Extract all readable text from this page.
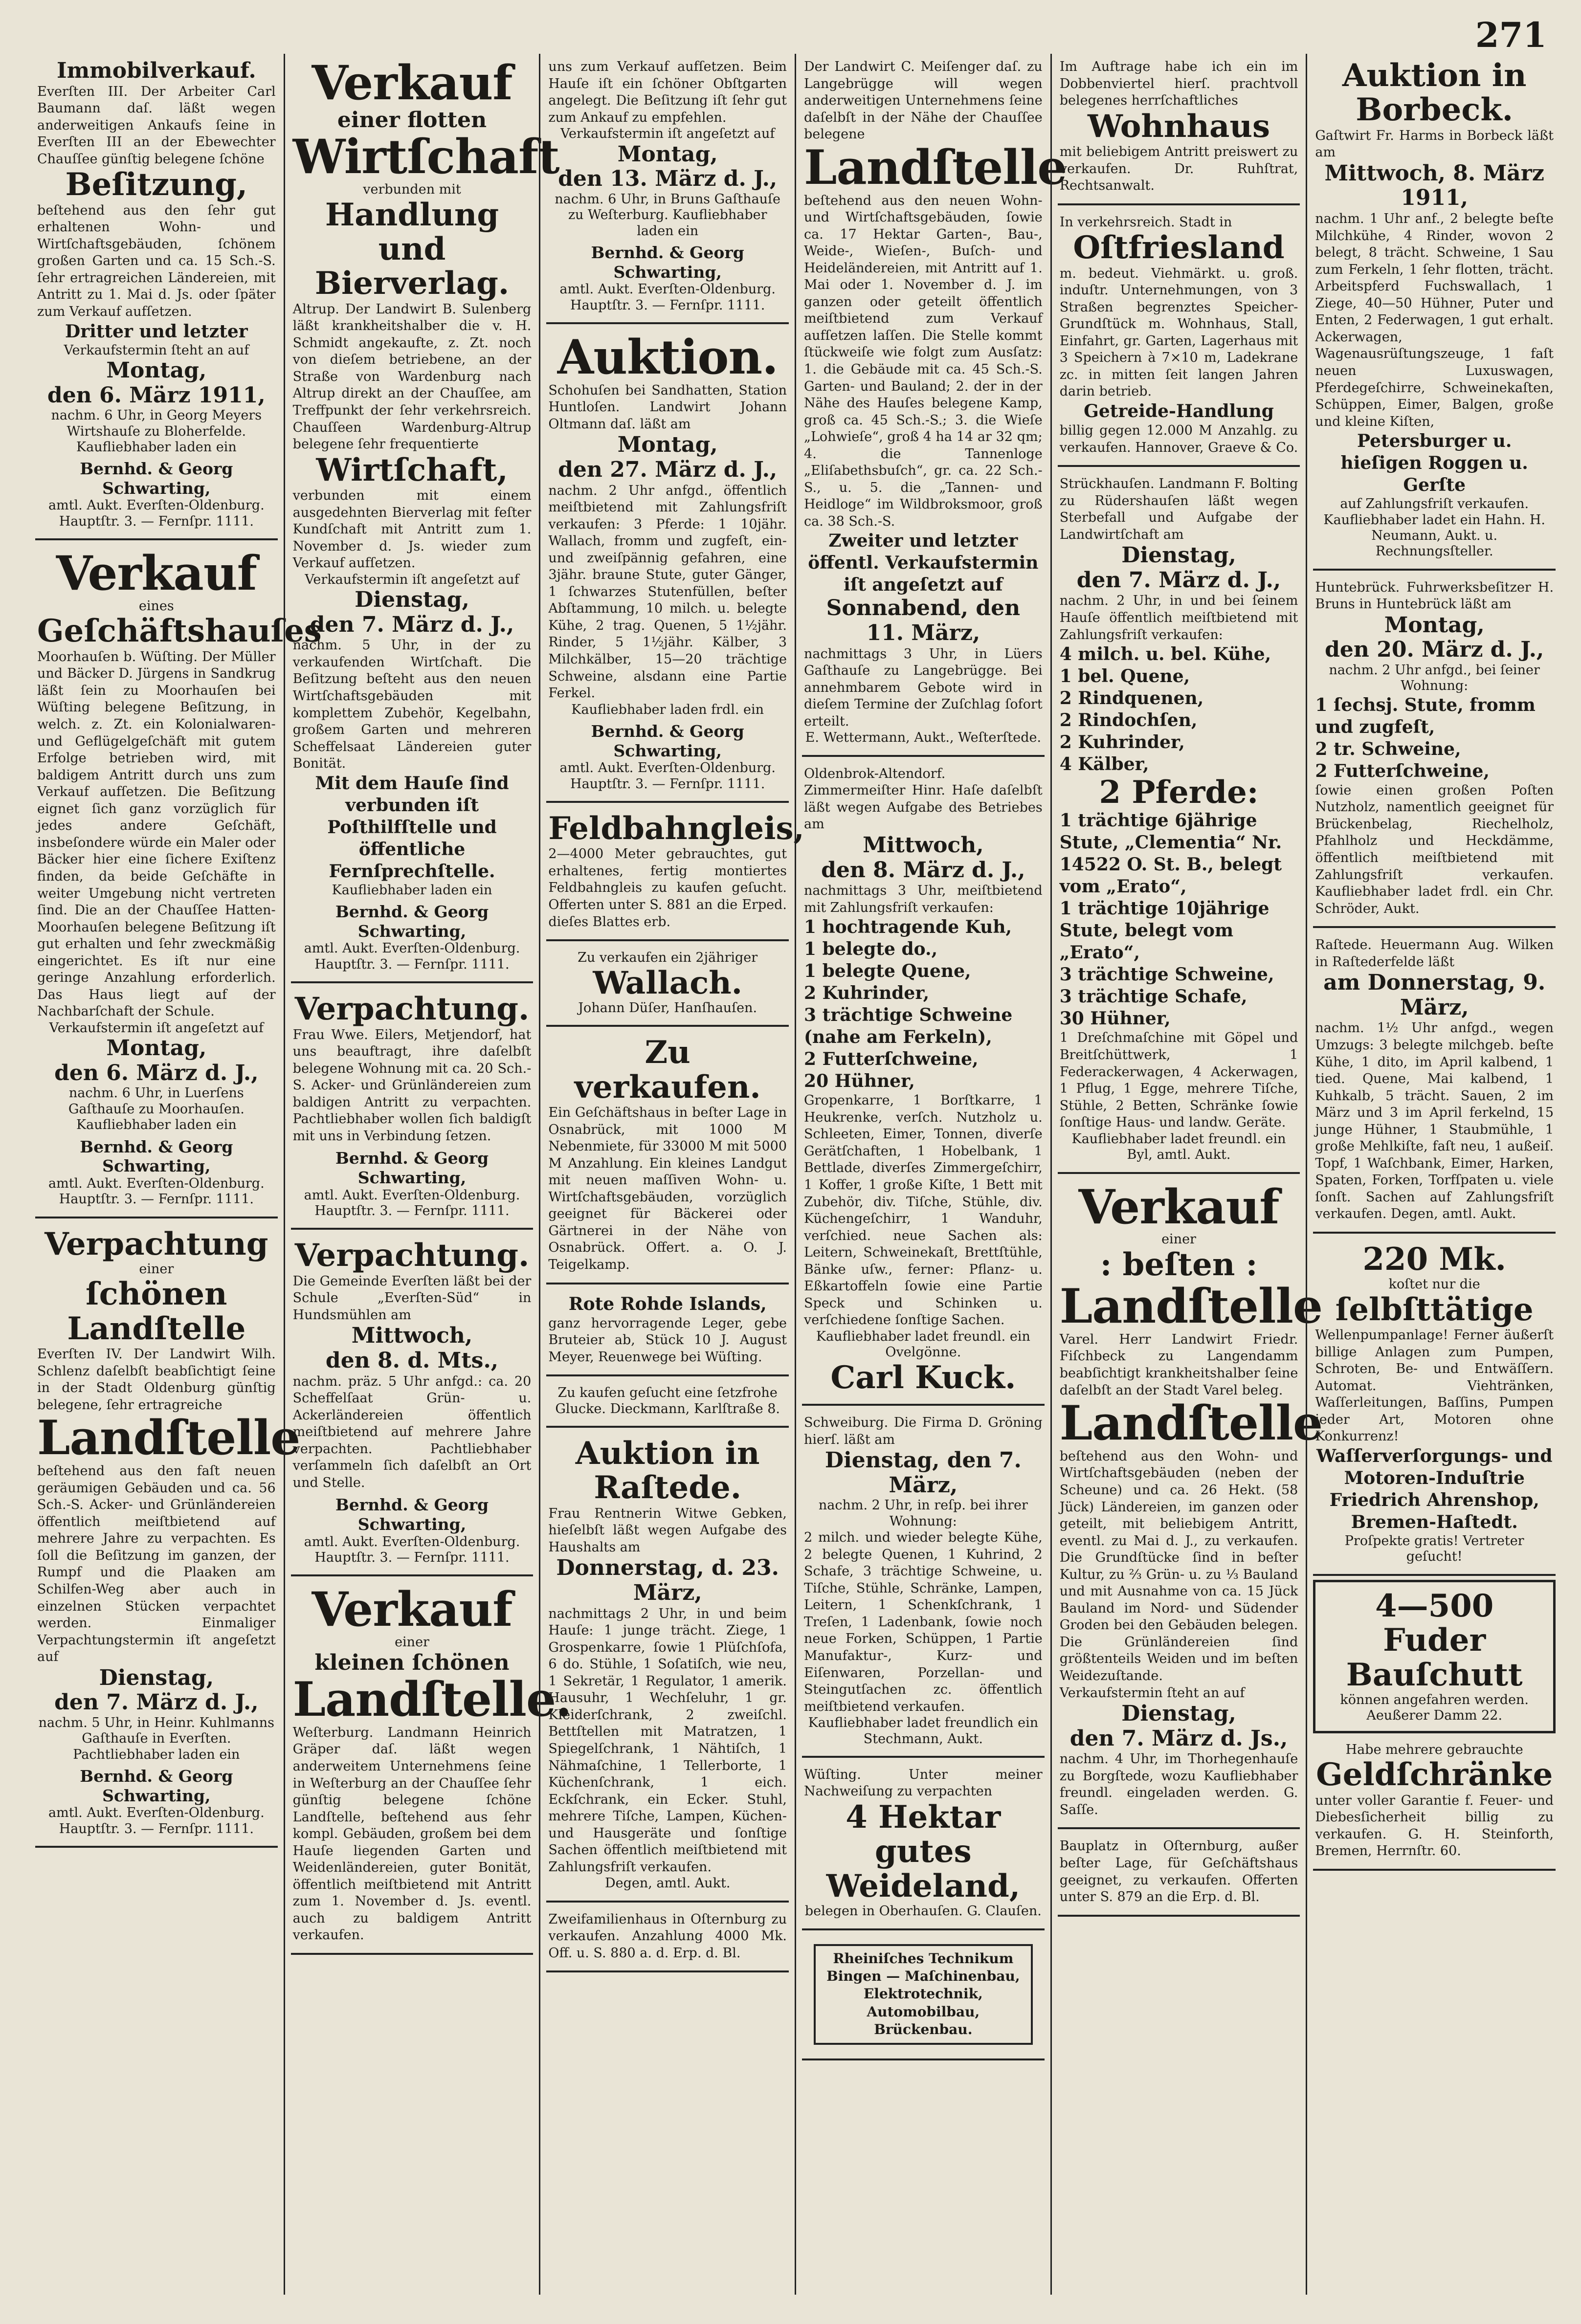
271
Immobilverkauf.
Everſten III. Der Arbeiter Carl Baumann daſ. läßt wegen anderweitigen Ankaufs ſeine in Everſten III an der Ebewechter Chauſſee günſtig belegene ſchöne
Beſitzung,
beſtehend aus den ſehr gut erhaltenen Wohn- und Wirtſchaftsgebäuden, ſchönem großen Garten und ca. 15 Sch.-S. ſehr ertragreichen Ländereien, mit Antritt zu 1. Mai d. Js. oder ſpäter zum Verkauf aufſetzen.
Dritter und letzter
Verkaufstermin ſteht an auf
Montag,
den 6. März 1911,
nachm. 6 Uhr, in Georg Meyers Wirtshauſe zu Bloherfelde. Kaufliebhaber laden ein
Bernhd. & Georg Schwarting,
amtl. Aukt. Everſten-Oldenburg. Hauptſtr. 3. — Fernſpr. 1111.
Verkauf
eines
Geſchäftshauſes
Moorhauſen b. Wüſting. Der Müller und Bäcker D. Jürgens in Sandkrug läßt ſein zu Moorhauſen bei Wüſting belegene Beſitzung, in welch. z. Zt. ein Kolonialwaren- und Geflügelgeſchäft mit gutem Erfolge betrieben wird, mit baldigem Antritt durch uns zum Verkauf aufſetzen. Die Beſitzung eignet ſich ganz vorzüglich für jedes andere Geſchäft, insbeſondere würde ein Maler oder Bäcker hier eine ſichere Exiſtenz finden, da beide Geſchäfte in weiter Umgebung nicht vertreten ſind. Die an der Chauſſee Hatten-Moorhauſen belegene Beſitzung iſt gut erhalten und ſehr zweckmäßig eingerichtet. Es iſt nur eine geringe Anzahlung erforderlich. Das Haus liegt auf der Nachbarſchaft der Schule.
Verkaufstermin iſt angeſetzt auf
Montag,
den 6. März d. J.,
nachm. 6 Uhr, in Luerſens Gaſthauſe zu Moorhauſen. Kaufliebhaber laden ein
Bernhd. & Georg Schwarting,
amtl. Aukt. Everſten-Oldenburg. Hauptſtr. 3. — Fernſpr. 1111.
Verpachtung
einer
ſchönen Landſtelle
Everſten IV. Der Landwirt Wilh. Schlenz daſelbſt beabſichtigt ſeine in der Stadt Oldenburg günſtig belegene, ſehr ertragreiche
Landſtelle
beſtehend aus den faſt neuen geräumigen Gebäuden und ca. 56 Sch.-S. Acker- und Grünländereien öffentlich meiſtbietend auf mehrere Jahre zu verpachten. Es ſoll die Beſitzung im ganzen, der Rumpf und die Plaaken am Schilfen-Weg aber auch in einzelnen Stücken verpachtet werden. Einmaliger Verpachtungstermin iſt angeſetzt auf
Dienstag,
den 7. März d. J.,
nachm. 5 Uhr, in Heinr. Kuhlmanns Gaſthauſe in Everſten. Pachtliebhaber laden ein
Bernhd. & Georg Schwarting,
amtl. Aukt. Everſten-Oldenburg. Hauptſtr. 3. — Fernſpr. 1111.
Verkauf
einer flotten
Wirtſchaft
verbunden mit
Handlung und Bierverlag.
Altrup. Der Landwirt B. Sulenberg läßt krankheitshalber die v. H. Schmidt angekaufte, z. Zt. noch von dieſem betriebene, an der Straße von Wardenburg nach Altrup direkt an der Chauſſee, am Treffpunkt der ſehr verkehrsreich. Chauſſeen Wardenburg-Altrup belegene ſehr frequentierte
Wirtſchaft,
verbunden mit einem ausgedehnten Bierverlag mit feſter Kundſchaft mit Antritt zum 1. November d. Js. wieder zum Verkauf aufſetzen.
Verkaufstermin iſt angeſetzt auf
Dienstag,
den 7. März d. J.,
nachm. 5 Uhr, in der zu verkaufenden Wirtſchaft. Die Beſitzung beſteht aus den neuen Wirtſchaftsgebäuden mit komplettem Zubehör, Kegelbahn, großem Garten und mehreren Scheffelsaat Ländereien guter Bonität.
Mit dem Hauſe ſind verbunden iſt Poſthilfſtelle und öffentliche Fernſprechſtelle.
Kaufliebhaber laden ein
Bernhd. & Georg Schwarting,
amtl. Aukt. Everſten-Oldenburg. Hauptſtr. 3. — Fernſpr. 1111.
Verpachtung.
Frau Wwe. Eilers, Metjendorf, hat uns beauftragt, ihre daſelbſt belegene Wohnung mit ca. 20 Sch.-S. Acker- und Grünländereien zum baldigen Antritt zu verpachten. Pachtliebhaber wollen ſich baldigſt mit uns in Verbindung ſetzen.
Bernhd. & Georg Schwarting,
amtl. Aukt. Everſten-Oldenburg. Hauptſtr. 3. — Fernſpr. 1111.
Verpachtung.
Die Gemeinde Everſten läßt bei der Schule „Everſten-Süd“ in Hundsmühlen am
Mittwoch,
den 8. d. Mts.,
nachm. präz. 5 Uhr anfgd.: ca. 20 Scheffelſaat Grün- u. Ackerländereien öffentlich meiſtbietend auf mehrere Jahre verpachten. Pachtliebhaber verſammeln ſich daſelbſt an Ort und Stelle.
Bernhd. & Georg Schwarting,
amtl. Aukt. Everſten-Oldenburg. Hauptſtr. 3. — Fernſpr. 1111.
Verkauf
einer
kleinen ſchönen
Landſtelle.
Weſterburg. Landmann Heinrich Gräper daſ. läßt wegen anderweitem Unternehmens ſeine in Weſterburg an der Chauſſee ſehr günſtig belegene ſchöne Landſtelle, beſtehend aus ſehr kompl. Gebäuden, großem bei dem Hauſe liegenden Garten und Weidenländereien, guter Bonität, öffentlich meiſtbietend mit Antritt zum 1. November d. Js. eventl. auch zu baldigem Antritt verkaufen.
uns zum Verkauf aufſetzen. Beim Hauſe iſt ein ſchöner Obſtgarten angelegt. Die Beſitzung iſt ſehr gut zum Ankauf zu empfehlen.
Verkaufstermin iſt angeſetzt auf
Montag,
den 13. März d. J.,
nachm. 6 Uhr, in Bruns Gaſthauſe zu Weſterburg. Kaufliebhaber laden ein
Bernhd. & Georg Schwarting,
amtl. Aukt. Everſten-Oldenburg. Hauptſtr. 3. — Fernſpr. 1111.
Auktion.
Schohuſen bei Sandhatten, Station Huntloſen. Landwirt Johann Oltmann daſ. läßt am
Montag,
den 27. März d. J.,
nachm. 2 Uhr anfgd., öffentlich meiſtbietend mit Zahlungsfriſt verkaufen: 3 Pferde: 1 10jähr. Wallach, fromm und zugfeſt, ein- und zweiſpännig gefahren, eine 3jähr. braune Stute, guter Gänger, 1 ſchwarzes Stutenfüllen, beſter Abſtammung, 10 milch. u. belegte Kühe, 2 trag. Quenen, 5 1½jähr. Rinder, 5 1½jähr. Kälber, 3 Milchkälber, 15—20 trächtige Schweine, alsdann eine Partie Ferkel.
Kaufliebhaber laden frdl. ein
Bernhd. & Georg Schwarting,
amtl. Aukt. Everſten-Oldenburg. Hauptſtr. 3. — Fernſpr. 1111.
Feldbahngleis,
2—4000 Meter gebrauchtes, gut erhaltenes, fertig montiertes Feldbahngleis zu kaufen geſucht. Offerten unter S. 881 an die Erped. dieſes Blattes erb.
Zu verkaufen ein 2jähriger
Wallach.
Johann Düſer, Hanſhauſen.
Zu verkaufen.
Ein Geſchäftshaus in beſter Lage in Osnabrück, mit 1000 M Nebenmiete, für 33000 M mit 5000 M Anzahlung. Ein kleines Landgut mit neuen maſſiven Wohn- u. Wirtſchaftsgebäuden, vorzüglich geeignet für Bäckerei oder Gärtnerei in der Nähe von Osnabrück. Offert. a. O. J. Teigelkamp.
Rote Rohde Islands,
ganz hervorragende Leger, gebe Bruteier ab, Stück 10 J. August Meyer, Reuenwege bei Wüſting.
Zu kaufen geſucht eine ſetzfrohe Glucke. Dieckmann, Karlſtraße 8.
Auktion in Raſtede.
Frau Rentnerin Witwe Gebken, hieſelbſt läßt wegen Aufgabe des Haushalts am
Donnerstag, d. 23. März,
nachmittags 2 Uhr, in und beim Hauſe: 1 junge trächt. Ziege, 1 Grospenkarre, ſowie 1 Plüſchſofa, 6 do. Stühle, 1 Soſatiſch, wie neu, 1 Sekretär, 1 Regulator, 1 amerik. Hausuhr, 1 Wechſeluhr, 1 gr. Kleiderſchrank, 2 zweiſchl. Bettſtellen mit Matratzen, 1 Spiegelſchrank, 1 Nähtiſch, 1 Nähmaſchine, 1 Tellerborte, 1 Küchenſchrank, 1 eich. Eckſchrank, ein Ecker. Stuhl, mehrere Tiſche, Lampen, Küchen- und Hausgeräte und ſonſtige Sachen öffentlich meiſtbietend mit Zahlungsfriſt verkaufen.
Degen, amtl. Aukt.
Zweifamilienhaus in Oſternburg zu verkaufen. Anzahlung 4000 Mk. Off. u. S. 880 a. d. Erp. d. Bl.
Der Landwirt C. Meiſenger daſ. zu Langebrügge will wegen anderweitigen Unternehmens ſeine daſelbſt in der Nähe der Chauſſee belegene
Landſtelle
beſtehend aus den neuen Wohn- und Wirtſchaftsgebäuden, ſowie ca. 17 Hektar Garten-, Bau-, Weide-, Wieſen-, Buſch- und Heideländereien, mit Antritt auf 1. Mai oder 1. November d. J. im ganzen oder geteilt öffentlich meiſtbietend zum Verkauf aufſetzen laſſen. Die Stelle kommt ſtückweiſe wie folgt zum Ausſatz: 1. die Gebäude mit ca. 45 Sch.-S. Garten- und Bauland; 2. der in der Nähe des Hauſes belegene Kamp, groß ca. 45 Sch.-S.; 3. die Wieſe „Lohwieſe“, groß 4 ha 14 ar 32 qm; 4. die Tannenloge „Eliſabethsbuſch“, gr. ca. 22 Sch.-S., u. 5. die „Tannen- und Heidloge“ im Wildbroksmoor, groß ca. 38 Sch.-S.
Zweiter und letzter öffentl. Verkaufstermin iſt angeſetzt auf
Sonnabend, den 11. März,
nachmittags 3 Uhr, in Lüers Gaſthauſe zu Langebrügge. Bei annehmbarem Gebote wird in dieſem Termine der Zuſchlag ſofort erteilt.
E. Wettermann, Aukt., Weſterſtede.
Oldenbrok-Altendorf. Zimmermeiſter Hinr. Haſe daſelbſt läßt wegen Aufgabe des Betriebes am
Mittwoch,
den 8. März d. J.,
nachmittags 3 Uhr, meiſtbietend mit Zahlungsfriſt verkaufen:
1 hochtragende Kuh,
1 belegte do.,
1 belegte Quene,
2 Kuhrinder,
3 trächtige Schweine (nahe am Ferkeln),
2 Futterſchweine,
20 Hühner,
Gropenkarre, 1 Borſtkarre, 1 Heukrenke, verſch. Nutzholz u. Schleeten, Eimer, Tonnen, diverſe Gerätſchaften, 1 Hobelbank, 1 Bettlade, diverſes Zimmergeſchirr, 1 Koffer, 1 große Kiſte, 1 Bett mit Zubehör, div. Tiſche, Stühle, div. Küchengeſchirr, 1 Wanduhr, verſchied. neue Sachen als: Leitern, Schweinekaſt, Brettſtühle, Bänke uſw., ferner: Pflanz- u. Eßkartoffeln ſowie eine Partie Speck und Schinken u. verſchiedene ſonſtige Sachen.
Kaufliebhaber ladet freundl. ein Ovelgönne.
Carl Kuck.
Schweiburg. Die Firma D. Gröning hierſ. läßt am
Dienstag, den 7. März,
nachm. 2 Uhr, in reſp. bei ihrer Wohnung:
2 milch. und wieder belegte Kühe, 2 belegte Quenen, 1 Kuhrind, 2 Schafe, 3 trächtige Schweine, u. Tiſche, Stühle, Schränke, Lampen, Leitern, 1 Schenkſchrank, 1 Treſen, 1 Ladenbank, ſowie noch neue Forken, Schüppen, 1 Partie Manufaktur-, Kurz- und Eiſenwaren, Porzellan- und Steingutſachen zc. öffentlich meiſtbietend verkaufen.
Kaufliebhaber ladet freundlich ein Stechmann, Aukt.
Wüſting. Unter meiner Nachweiſung zu verpachten
4 Hektar gutes Weideland,
belegen in Oberhauſen. G. Clauſen.
Rheiniſches Technikum Bingen — Maſchinenbau, Elektrotechnik, Automobilbau, Brückenbau.
Im Auftrage habe ich ein im Dobbenviertel hierſ. prachtvoll belegenes herrſchaftliches
Wohnhaus
mit beliebigem Antritt preiswert zu verkaufen. Dr. Ruhſtrat, Rechtsanwalt.
In verkehrsreich. Stadt in
Oſtfriesland
m. bedeut. Viehmärkt. u. groß. induſtr. Unternehmungen, von 3 Straßen begrenztes Speicher-Grundſtück m. Wohnhaus, Stall, Einfahrt, gr. Garten, Lagerhaus mit 3 Speichern à 7×10 m, Ladekrane zc. in mitten ſeit langen Jahren darin betrieb.
Getreide-Handlung
billig gegen 12.000 M Anzahlg. zu verkaufen. Hannover, Graeve & Co.
Strückhauſen. Landmann F. Bolting zu Rüdershauſen läßt wegen Sterbefall und Aufgabe der Landwirtſchaft am
Dienstag,
den 7. März d. J.,
nachm. 2 Uhr, in und bei ſeinem Hauſe öffentlich meiſtbietend mit Zahlungsfriſt verkaufen:
4 milch. u. bel. Kühe,
1 bel. Quene,
2 Rindquenen,
2 Rindochſen,
2 Kuhrinder,
4 Kälber,
2 Pferde:
1 trächtige 6jährige Stute, „Clementia“ Nr. 14522 O. St. B., belegt vom „Erato“,
1 trächtige 10jährige Stute, belegt vom „Erato“,
3 trächtige Schweine,
3 trächtige Schafe,
30 Hühner,
1 Dreſchmaſchine mit Göpel und Breitſchüttwerk, 1 Federackerwagen, 4 Ackerwagen, 1 Pflug, 1 Egge, mehrere Tiſche, Stühle, 2 Betten, Schränke ſowie ſonſtige Haus- und landw. Geräte.
Kaufliebhaber ladet freundl. ein Byl, amtl. Aukt.
Verkauf
einer
: beſten :
Landſtelle
Varel. Herr Landwirt Friedr. Fiſchbeck zu Langendamm beabſichtigt krankheitshalber ſeine daſelbſt an der Stadt Varel beleg.
Landſtelle
beſtehend aus den Wohn- und Wirtſchaftsgebäuden (neben der Scheune) und ca. 26 Hekt. (58 Jück) Ländereien, im ganzen oder geteilt, mit beliebigem Antritt, eventl. zu Mai d. J., zu verkaufen. Die Grundſtücke ſind in beſter Kultur, zu ⅔ Grün- u. zu ⅓ Bauland und mit Ausnahme von ca. 15 Jück Bauland im Nord- und Südender Groden bei den Gebäuden belegen. Die Grünländereien ſind größtenteils Weiden und im beſten Weidezuſtande.
Verkaufstermin ſteht an auf
Dienstag,
den 7. März d. Js.,
nachm. 4 Uhr, im Thorhegenhauſe zu Borgſtede, wozu Kaufliebhaber freundl. eingeladen werden. G. Saſſe.
Bauplatz in Oſternburg, außer beſter Lage, für Geſchäftshaus geeignet, zu verkaufen. Offerten unter S. 879 an die Erp. d. Bl.
Auktion in Borbeck.
Gaſtwirt Fr. Harms in Borbeck läßt am
Mittwoch, 8. März 1911,
nachm. 1 Uhr anf., 2 belegte beſte Milchkühe, 4 Rinder, wovon 2 belegt, 8 trächt. Schweine, 1 Sau zum Ferkeln, 1 ſehr flotten, trächt. Arbeitspferd Fuchswallach, 1 Ziege, 40—50 Hühner, Puter und Enten, 2 Federwagen, 1 gut erhalt. Ackerwagen, Wagenausrüſtungszeuge, 1 faſt neuen Luxuswagen, Pferdegeſchirre, Schweinekaſten, Schüppen, Eimer, Balgen, große und kleine Kiſten,
Petersburger u. hieſigen Roggen u. Gerſte
auf Zahlungsfriſt verkaufen. Kaufliebhaber ladet ein Hahn. H. Neumann, Aukt. u. Rechnungsſteller.
Huntebrück. Fuhrwerksbeſitzer H. Bruns in Huntebrück läßt am
Montag,
den 20. März d. J.,
nachm. 2 Uhr anfgd., bei ſeiner Wohnung:
1 ſechsj. Stute, fromm und zugfeſt,
2 tr. Schweine,
2 Futterſchweine,
ſowie einen großen Poſten Nutzholz, namentlich geeignet für Brückenbelag, Riechelholz, Pfahlholz und Heckdämme, öffentlich meiſtbietend mit Zahlungsfriſt verkaufen. Kaufliebhaber ladet frdl. ein Chr. Schröder, Aukt.
Raſtede. Heuermann Aug. Wilken in Raſtederfelde läßt
am Donnerstag, 9. März,
nachm. 1½ Uhr anfgd., wegen Umzugs: 3 belegte milchgeb. beſte Kühe, 1 dito, im April kalbend, 1 tied. Quene, Mai kalbend, 1 Kuhkalb, 5 trächt. Sauen, 2 im März und 3 im April ferkelnd, 15 junge Hühner, 1 Staubmühle, 1 große Mehlkiſte, faſt neu, 1 außeiſ. Topf, 1 Waſchbank, Eimer, Harken, Spaten, Forken, Torfſpaten u. viele ſonſt. Sachen auf Zahlungsfriſt verkaufen. Degen, amtl. Aukt.
220 Mk.
koſtet nur die
ſelbſttätige
Wellenpumpanlage! Ferner äußerſt billige Anlagen zum Pumpen, Schroten, Be- und Entwäſſern. Automat. Viehtränken, Waſſerleitungen, Baſſins, Pumpen jeder Art, Motoren ohne Konkurrenz!
Waſſerverſorgungs- und Motoren-Induſtrie Friedrich Ahrenshop, Bremen-Haſtedt.
Proſpekte gratis! Vertreter geſucht!
4—500 Fuder Bauſchutt
können angefahren werden. Aeußerer Damm 22.
Habe mehrere gebrauchte
Geldſchränke
unter voller Garantie f. Feuer- und Diebesſicherheit billig zu verkaufen. G. H. Steinforth, Bremen, Herrnſtr. 60.
